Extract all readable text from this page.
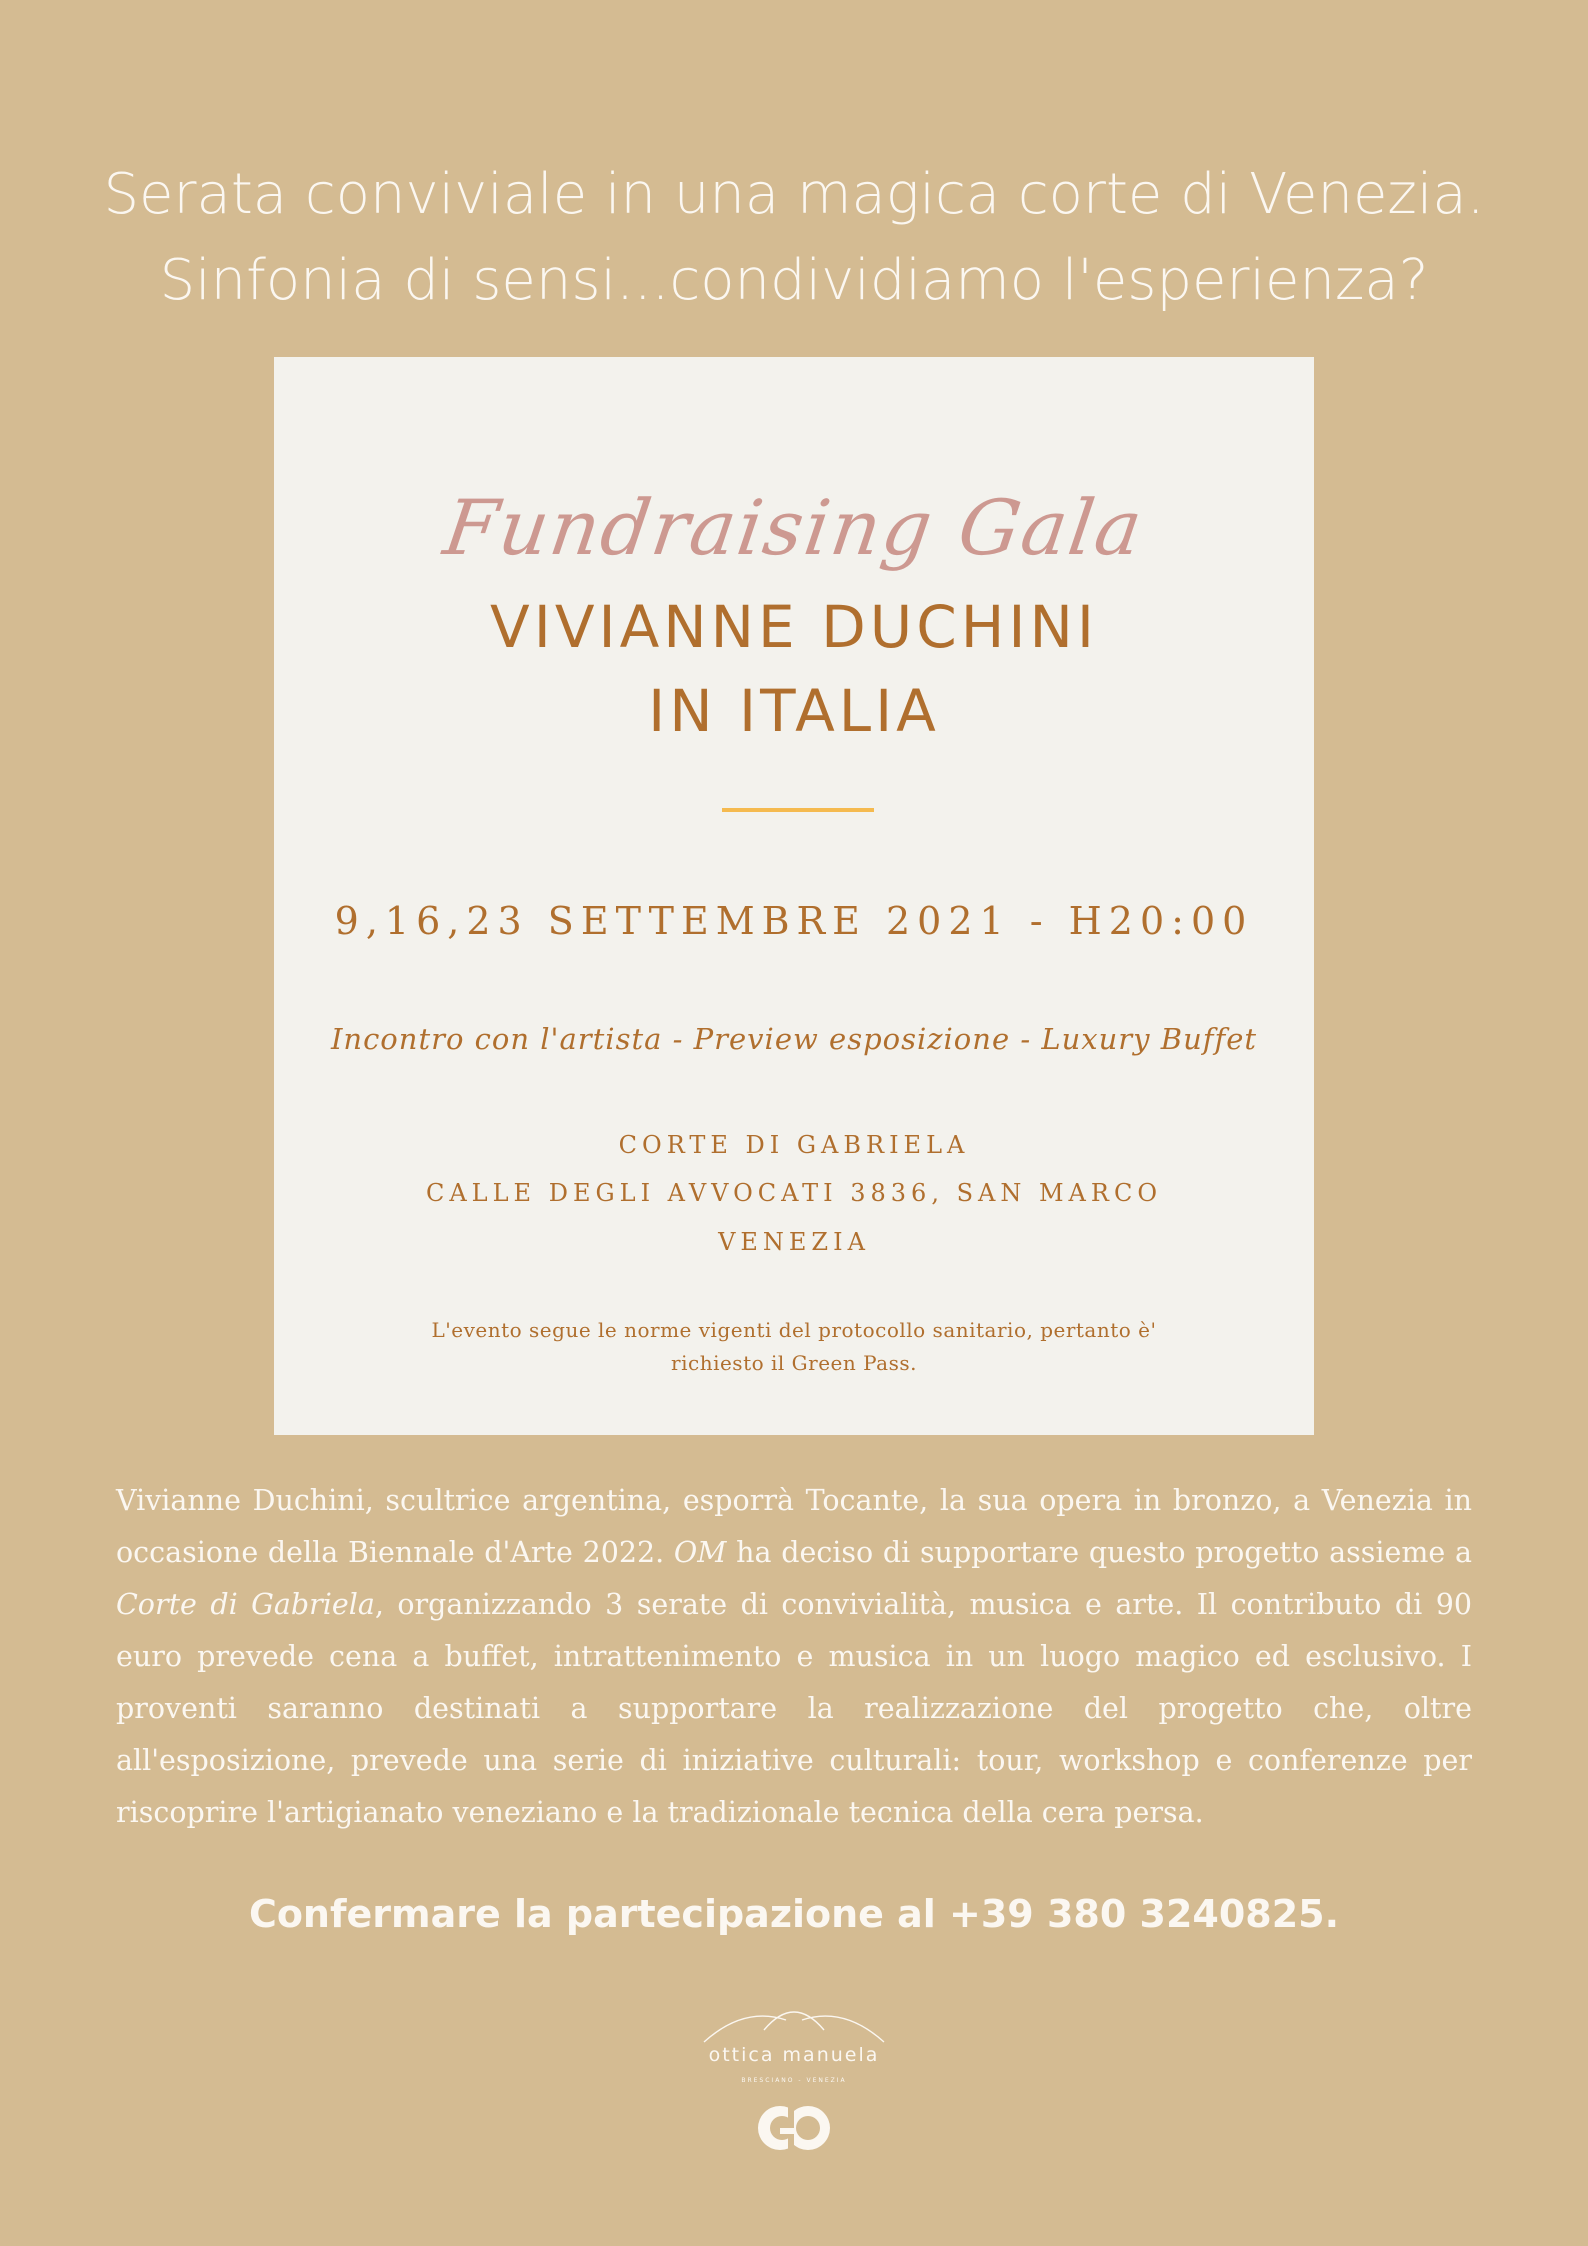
Serata conviviale in una magica corte di Venezia.
Sinfonia di sensi...condividiamo l'esperienza?
Fundraising Gala
VIVIANNE DUCHINI
IN ITALIA
9,16,23 SETTEMBRE 2021 - H20:00
Incontro con l'artista - Preview esposizione - Luxury Buffet
CORTE DI GABRIELA
CALLE DEGLI AVVOCATI 3836, SAN MARCO
VENEZIA
L'evento segue le norme vigenti del protocollo sanitario, pertanto è'
richiesto il Green Pass.
Vivianne Duchini, scultrice argentina, esporrà Tocante, la sua opera in bronzo, a Venezia in occasione della Biennale d'Arte 2022. OM ha deciso di supportare questo progetto assieme a Corte di Gabriela, organizzando 3 serate di convivialità, musica e arte. Il contributo di 90 euro prevede cena a buffet, intrattenimento e musica in un luogo magico ed esclusivo. I proventi saranno destinati a supportare la realizzazione del progetto che, oltre all'esposizione, prevede una serie di iniziative culturali: tour, workshop e conferenze per riscoprire l'artigianato veneziano e la tradizionale tecnica della cera persa.
Confermare la partecipazione al +39 380 3240825.
ottica manuela
BRESCIANO - VENEZIA
